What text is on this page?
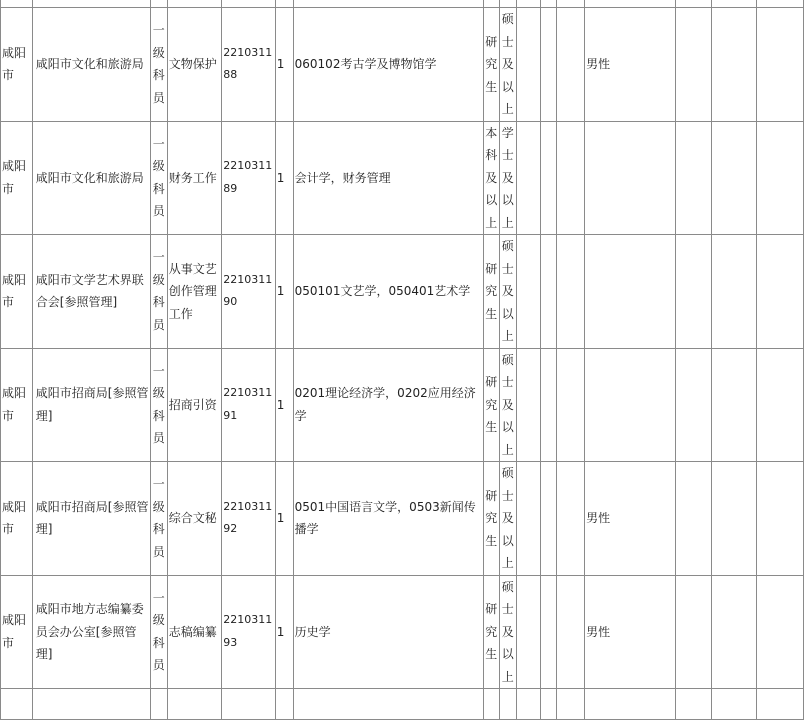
咸阳市	咸阳市文化和旅游局	一级科员	文物保护	221031188	1	060102考古学及博物馆学	研究生	硕士及以上				男性			
咸阳市	咸阳市文化和旅游局	一级科员	财务工作	221031189	1	会计学，财务管理	本科及以上	学士及以上							
咸阳市	咸阳市文学艺术界联合会[参照管理]	一级科员	从事文艺创作管理工作	221031190	1	050101文艺学，050401艺术学	研究生	硕士及以上							
咸阳市	咸阳市招商局[参照管理]	一级科员	招商引资	221031191	1	0201理论经济学，0202应用经济学	研究生	硕士及以上							
咸阳市	咸阳市招商局[参照管理]	一级科员	综合文秘	221031192	1	0501中国语言文学，0503新闻传播学	研究生	硕士及以上				男性			
咸阳市	咸阳市地方志编纂委员会办公室[参照管理]	一级科员	志稿编纂	221031193	1	历史学	研究生	硕士及以上				男性			
